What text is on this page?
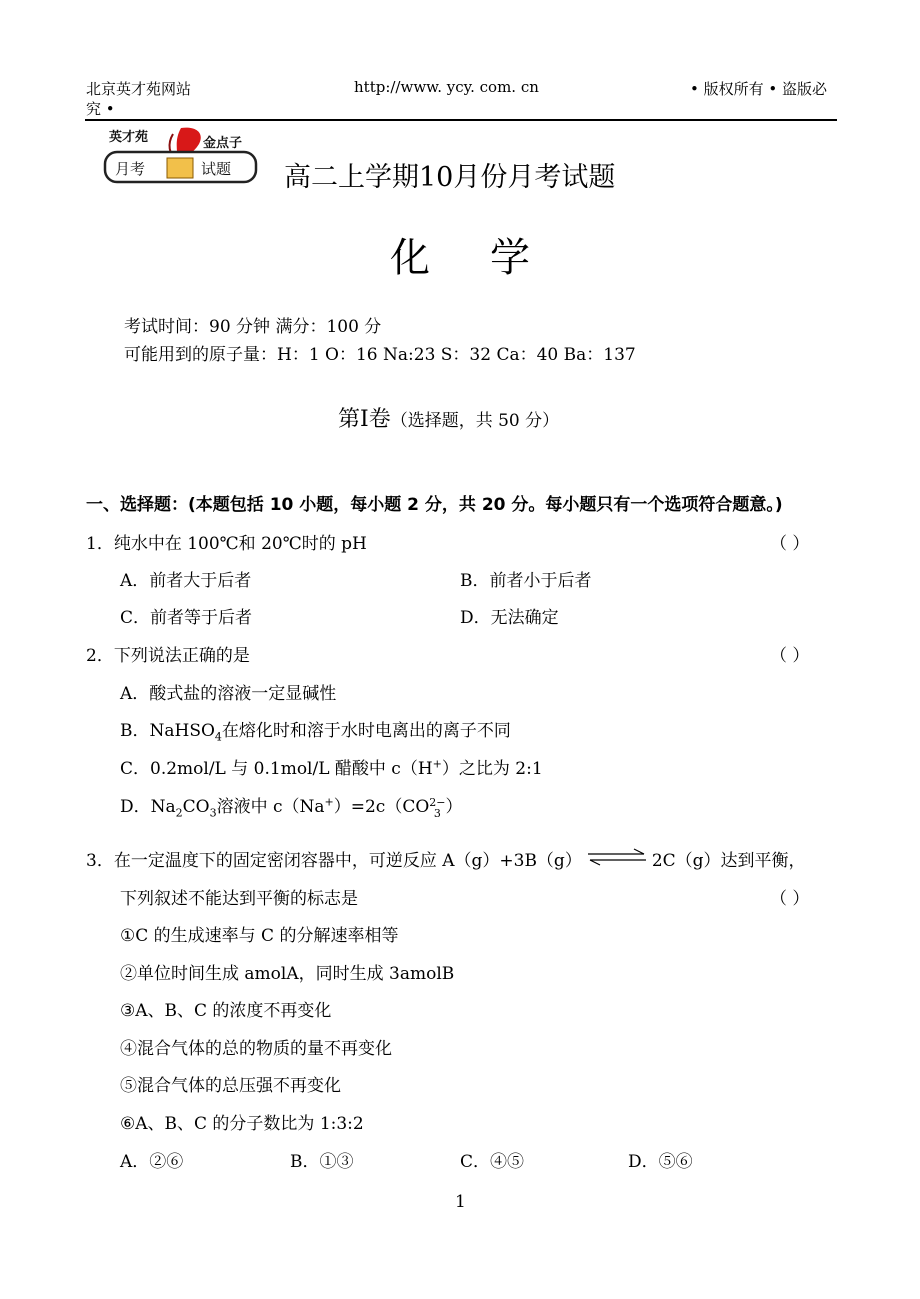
北京英才苑网站
究 •
http://www. ycy. com. cn	• 版权所有 • 盗版必
英才苑	金点子
月考	试题 高二上学期10月份月考试题
化学
考试时间：90 分钟 满分：100 分
可能用到的原子量：H：1 O：16 Na:23 S：32 Ca：40 Ba：137
第Ⅰ卷（选择题，共 50 分）
一、选择题：(本题包括 10 小题，每小题 2 分，共 20 分。每小题只有一个选项符合题意。)
1．纯水中在 100℃和 20℃时的 pH	（ ）
A．前者大于后者	B．前者小于后者
C．前者等于后者	D．无法确定
2．下列说法正确的是	（ ）
A．酸式盐的溶液一定显碱性
B．NaHSO$_4$在熔化时和溶于水时电离出的离子不同
C．0.2mol/L 与 0.1mol/L 醋酸中 c（H+）之比为 2:1
D．$Na_2CO_3$溶液中 c（Na+）=2c（CO 2−
3 ）
3．在一定温度下的固定密闭容器中，可逆反应 A（g）+3B（g） ⇌ 2C（g）达到平衡，
下列叙述不能达到平衡的标志是	（ ）
①C 的生成速率与 C 的分解速率相等
②单位时间生成 amolA，同时生成 3amolB
③A、B、C 的浓度不再变化
④混合气体的总的物质的量不再变化
⑤混合气体的总压强不再变化
⑥A、B、C 的分子数比为 1:3:2
A．②⑥	B．①③	C．④⑤	D．⑤⑥
1
